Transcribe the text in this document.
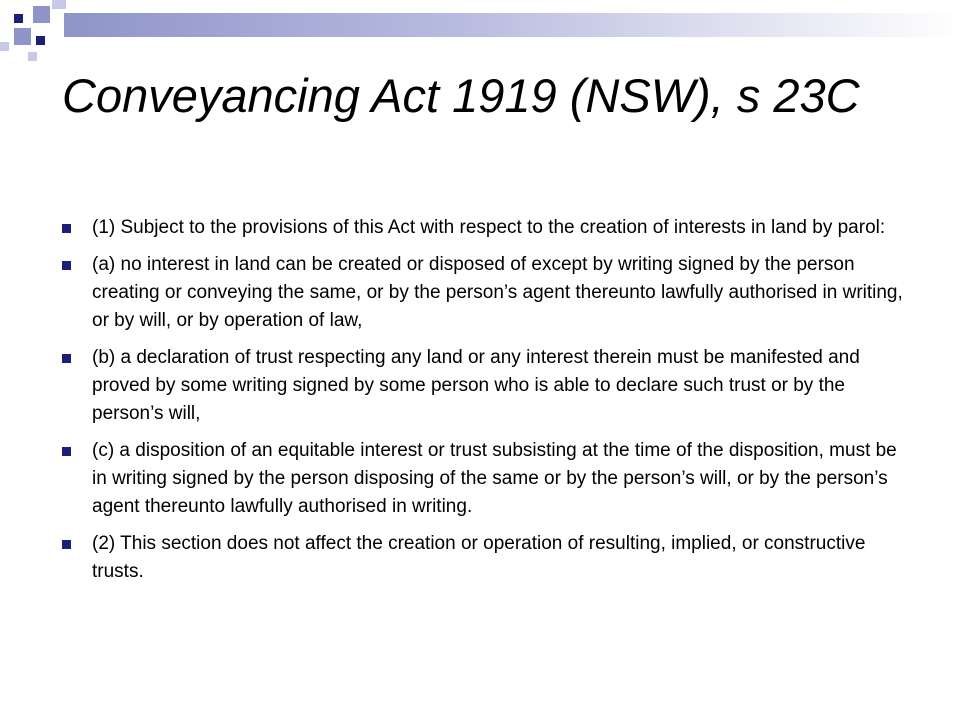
Conveyancing Act 1919 (NSW), s 23C
(1) Subject to the provisions of this Act with respect to the creation of interests in land by parol:
(a) no interest in land can be created or disposed of except by writing signed by the person creating or conveying the same, or by the person’s agent thereunto lawfully authorised in writing, or by will, or by operation of law,
(b) a declaration of trust respecting any land or any interest therein must be manifested and proved by some writing signed by some person who is able to declare such trust or by the person’s will,
(c) a disposition of an equitable interest or trust subsisting at the time of the disposition, must be in writing signed by the person disposing of the same or by the person’s will, or by the person’s agent thereunto lawfully authorised in writing.
(2) This section does not affect the creation or operation of resulting, implied, or constructive trusts.
